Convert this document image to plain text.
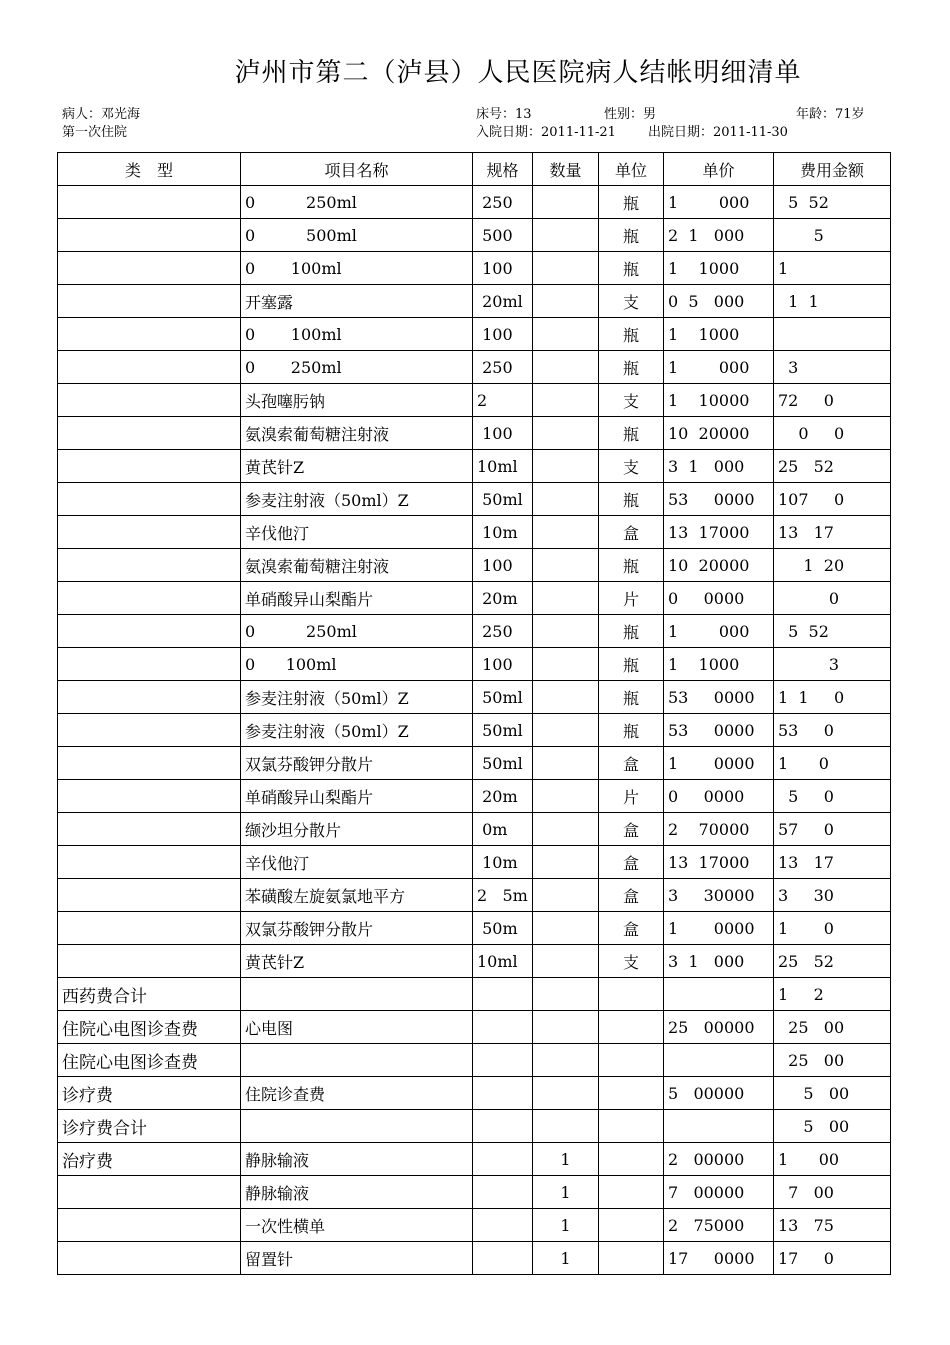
泸州市第二（泸县）人民医院病人结帐明细清单
病人：邓光海	床号：13	性别：男	年龄：71岁
第一次住院	入院日期：2011-11-21 出院日期：2011-11-30
类　型	项目名称	规格	数量	单位	单价	费用金额
	0          250ml	250		瓶	1        000	5  52
	0          500ml	500		瓶	2  1   000	5
	0       100ml	100		瓶	1    1000	1
	开塞露	20ml		支	0  5   000	1  1
	0       100ml	100		瓶	1    1000	
	0       250ml	250		瓶	1        000	3
	头孢噻肟钠	2		支	1    10000	72     0
	氨溴索葡萄糖注射液	100		瓶	10  20000	0     0
	黄芪针Z	10ml		支	3  1   000	25   52
	参麦注射液（50ml）Z	50ml		瓶	53     0000	107     0
	辛伐他汀	10m		盒	13  17000	13   17
	氨溴索葡萄糖注射液	100		瓶	10  20000	1  20
	单硝酸异山梨酯片	20m		片	0     0000	0
	0          250ml	250		瓶	1        000	5  52
	0      100ml	100		瓶	1    1000	3
	参麦注射液（50ml）Z	50ml		瓶	53     0000	1  1     0
	参麦注射液（50ml）Z	50ml		瓶	53     0000	53     0
	双氯芬酸钾分散片	50ml		盒	1       0000	1      0
	单硝酸异山梨酯片	20m		片	0     0000	5     0
	缬沙坦分散片	0m		盒	2    70000	57     0
	辛伐他汀	10m		盒	13  17000	13   17
	苯磺酸左旋氨氯地平方	2   5m		盒	3     30000	3     30
	双氯芬酸钾分散片	50m		盒	1       0000	1       0
	黄芪针Z	10ml		支	3  1   000	25   52
西药费合计						1     2
住院心电图诊查费	心电图				25   00000	25   00
住院心电图诊查费						25   00
诊疗费	住院诊查费				5   00000	5   00
诊疗费合计						5   00
治疗费	静脉输液		1		2   00000	1      00
	静脉输液		1		7   00000	7   00
	一次性横单		1		2   75000	13   75
	留置针		1		17     0000	17     0
